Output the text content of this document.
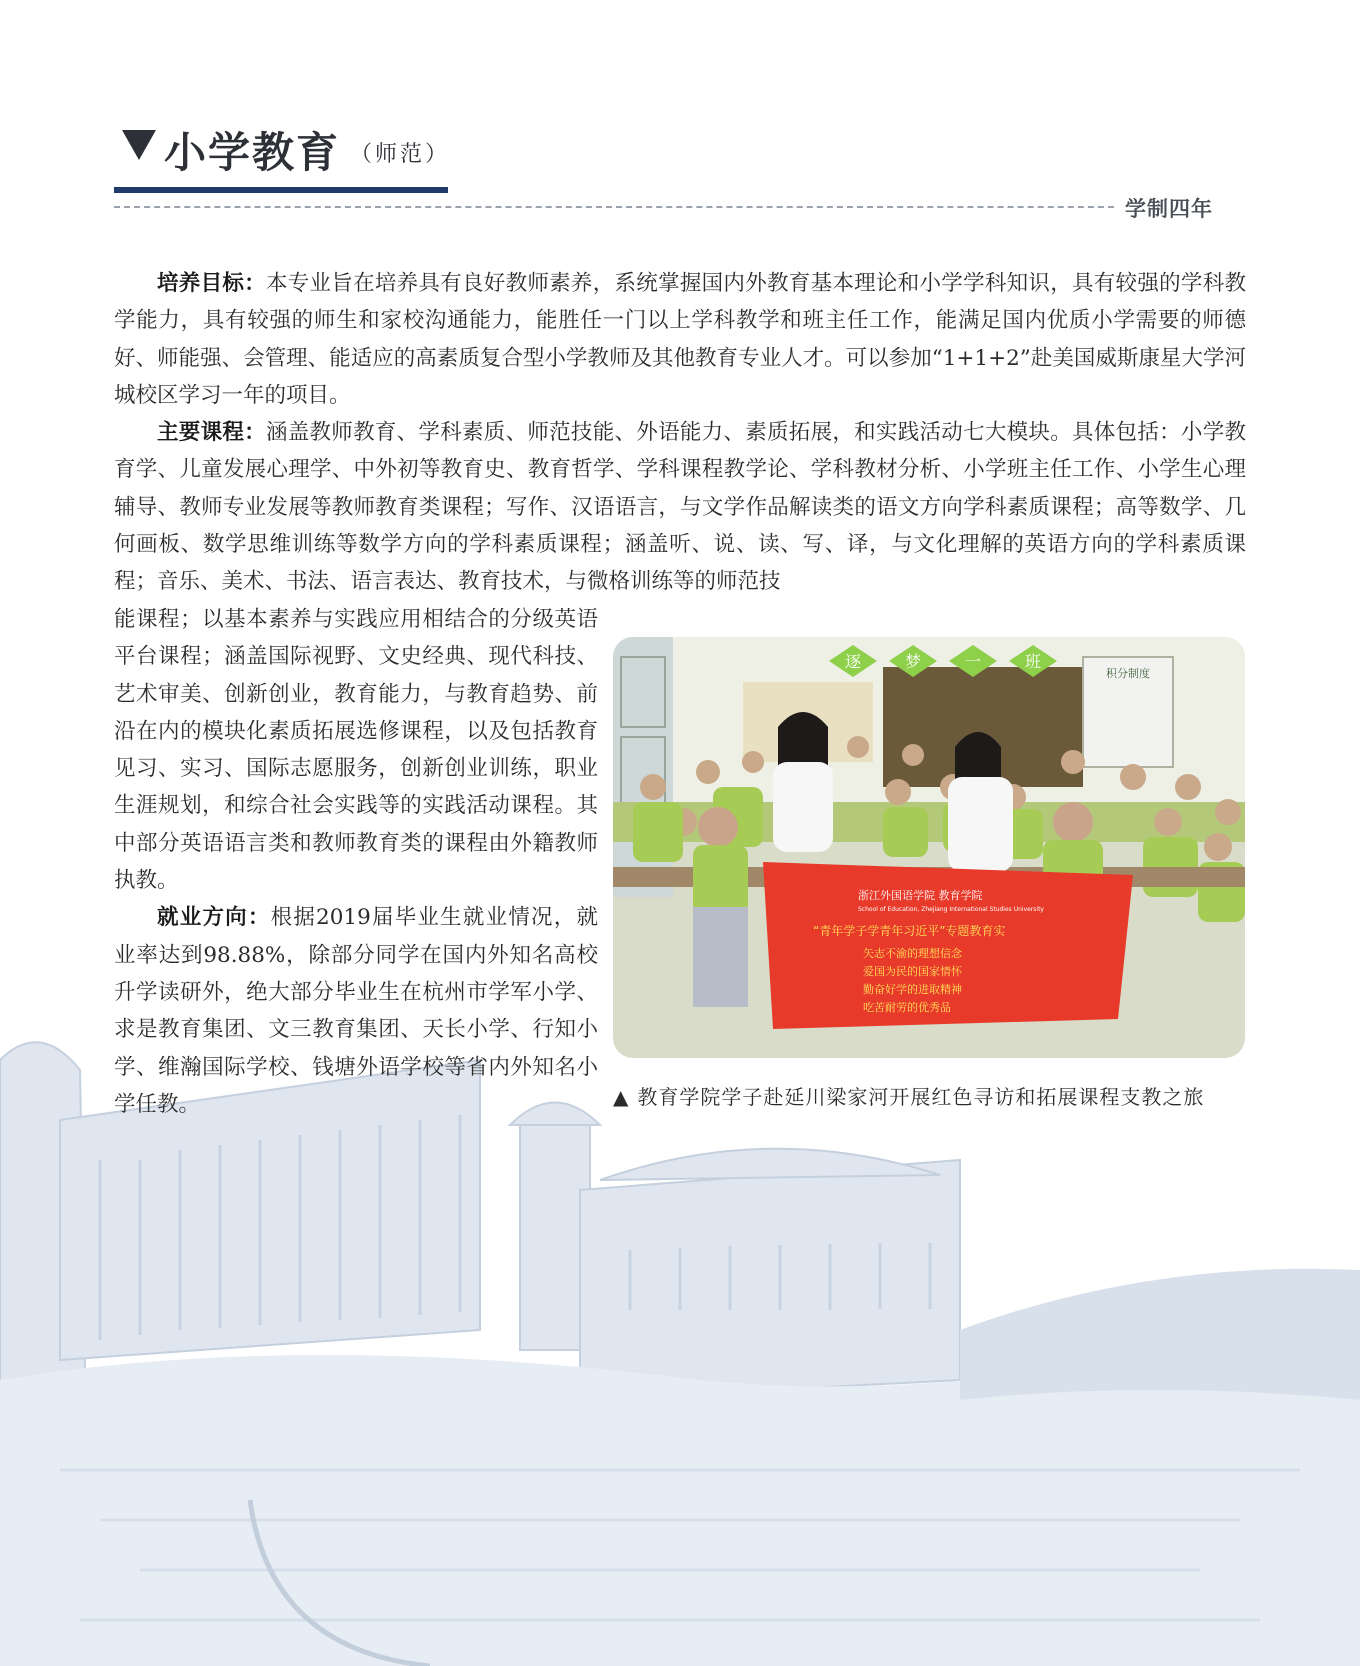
小学教育 （师范）
学制四年

培养目标：本专业旨在培养具有良好教师素养，系统掌握国内外教育基本理论和小学学科知识，具有较强的学科教学能力，具有较强的师生和家校沟通能力，能胜任一门以上学科教学和班主任工作，能满足国内优质小学需要的师德好、师能强、会管理、能适应的高素质复合型小学教师及其他教育专业人才。可以参加“1+1+2”赴美国威斯康星大学河城校区学习一年的项目。

主要课程：涵盖教师教育、学科素质、师范技能、外语能力、素质拓展，和实践活动七大模块。具体包括：小学教育学、儿童发展心理学、中外初等教育史、教育哲学、学科课程教学论、学科教材分析、小学班主任工作、小学生心理辅导、教师专业发展等教师教育类课程；写作、汉语语言，与文学作品解读类的语文方向学科素质课程；高等数学、几何画板、数学思维训练等数学方向的学科素质课程；涵盖听、说、读、写、译，与文化理解的英语方向的学科素质课程；音乐、美术、书法、语言表达、教育技术，与微格训练等的师范技

能课程；以基本素养与实践应用相结合的分级英语平台课程；涵盖国际视野、文史经典、现代科技、艺术审美、创新创业，教育能力，与教育趋势、前沿在内的模块化素质拓展选修课程，以及包括教育见习、实习、国际志愿服务，创新创业训练，职业生涯规划，和综合社会实践等的实践活动课程。其中部分英语语言类和教师教育类的课程由外籍教师执教。

就业方向：根据2019届毕业生就业情况，就业率达到98.88%，除部分同学在国内外知名高校升学读研外，绝大部分毕业生在杭州市学军小学、求是教育集团、文三教育集团、天长小学、行知小学、维瀚国际学校、钱塘外语学校等省内外知名小学任教。

逐	梦	一	班
积分制度
浙江外国语学院 教育学院
School of Education, Zhejiang International Studies University
“青年学子学青年习近平”专题教育实
矢志不渝的理想信念
爱国为民的国家情怀
勤奋好学的进取精神
吃苦耐劳的优秀品
▲ 教育学院学子赴延川梁家河开展红色寻访和拓展课程支教之旅
